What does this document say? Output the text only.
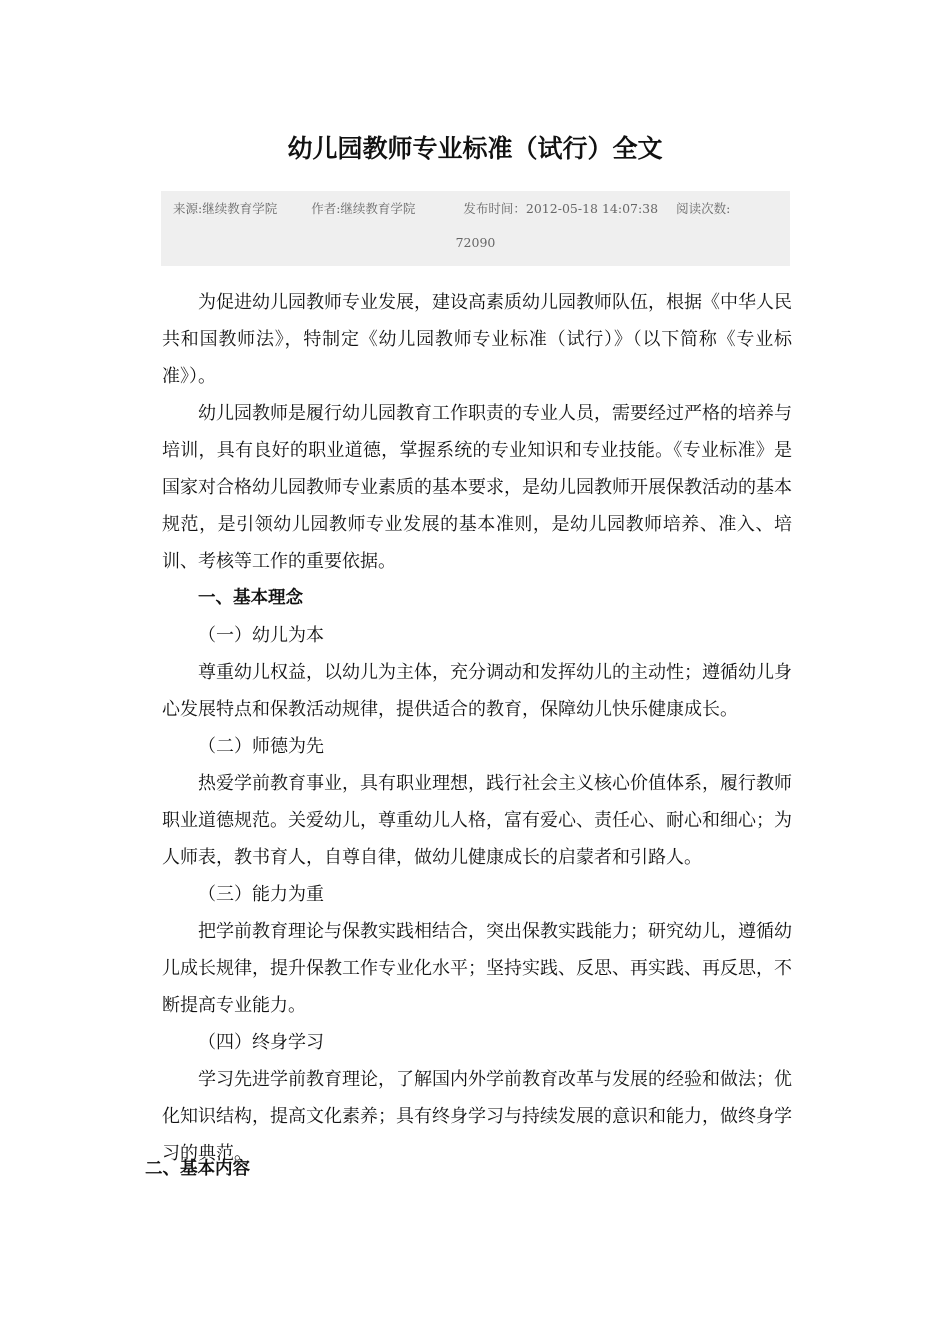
幼儿园教师专业标准（试行）全文
来源:继续教育学院	作者:继续教育学院	发布时间：2012-05-18 14:07:38 阅读次数:
72090

为促进幼儿园教师专业发展，建设高素质幼儿园教师队伍，根据《中华人民共和国教师法》，特制定《幼儿园教师专业标准（试行）》（以下简称《专业标准》）。

幼儿园教师是履行幼儿园教育工作职责的专业人员，需要经过严格的培养与培训，具有良好的职业道德，掌握系统的专业知识和专业技能。《专业标准》是国家对合格幼儿园教师专业素质的基本要求，是幼儿园教师开展保教活动的基本规范，是引领幼儿园教师专业发展的基本准则，是幼儿园教师培养、准入、培训、考核等工作的重要依据。

一、基本理念

（一）幼儿为本

尊重幼儿权益，以幼儿为主体，充分调动和发挥幼儿的主动性；遵循幼儿身心发展特点和保教活动规律，提供适合的教育，保障幼儿快乐健康成长。

（二）师德为先

热爱学前教育事业，具有职业理想，践行社会主义核心价值体系，履行教师职业道德规范。关爱幼儿，尊重幼儿人格，富有爱心、责任心、耐心和细心；为人师表，教书育人，自尊自律，做幼儿健康成长的启蒙者和引路人。

（三）能力为重

把学前教育理论与保教实践相结合，突出保教实践能力；研究幼儿，遵循幼儿成长规律，提升保教工作专业化水平；坚持实践、反思、再实践、再反思，不断提高专业能力。

（四）终身学习

学习先进学前教育理论，了解国内外学前教育改革与发展的经验和做法；优化知识结构，提高文化素养；具有终身学习与持续发展的意识和能力，做终身学习的典范。

二、基本内容
